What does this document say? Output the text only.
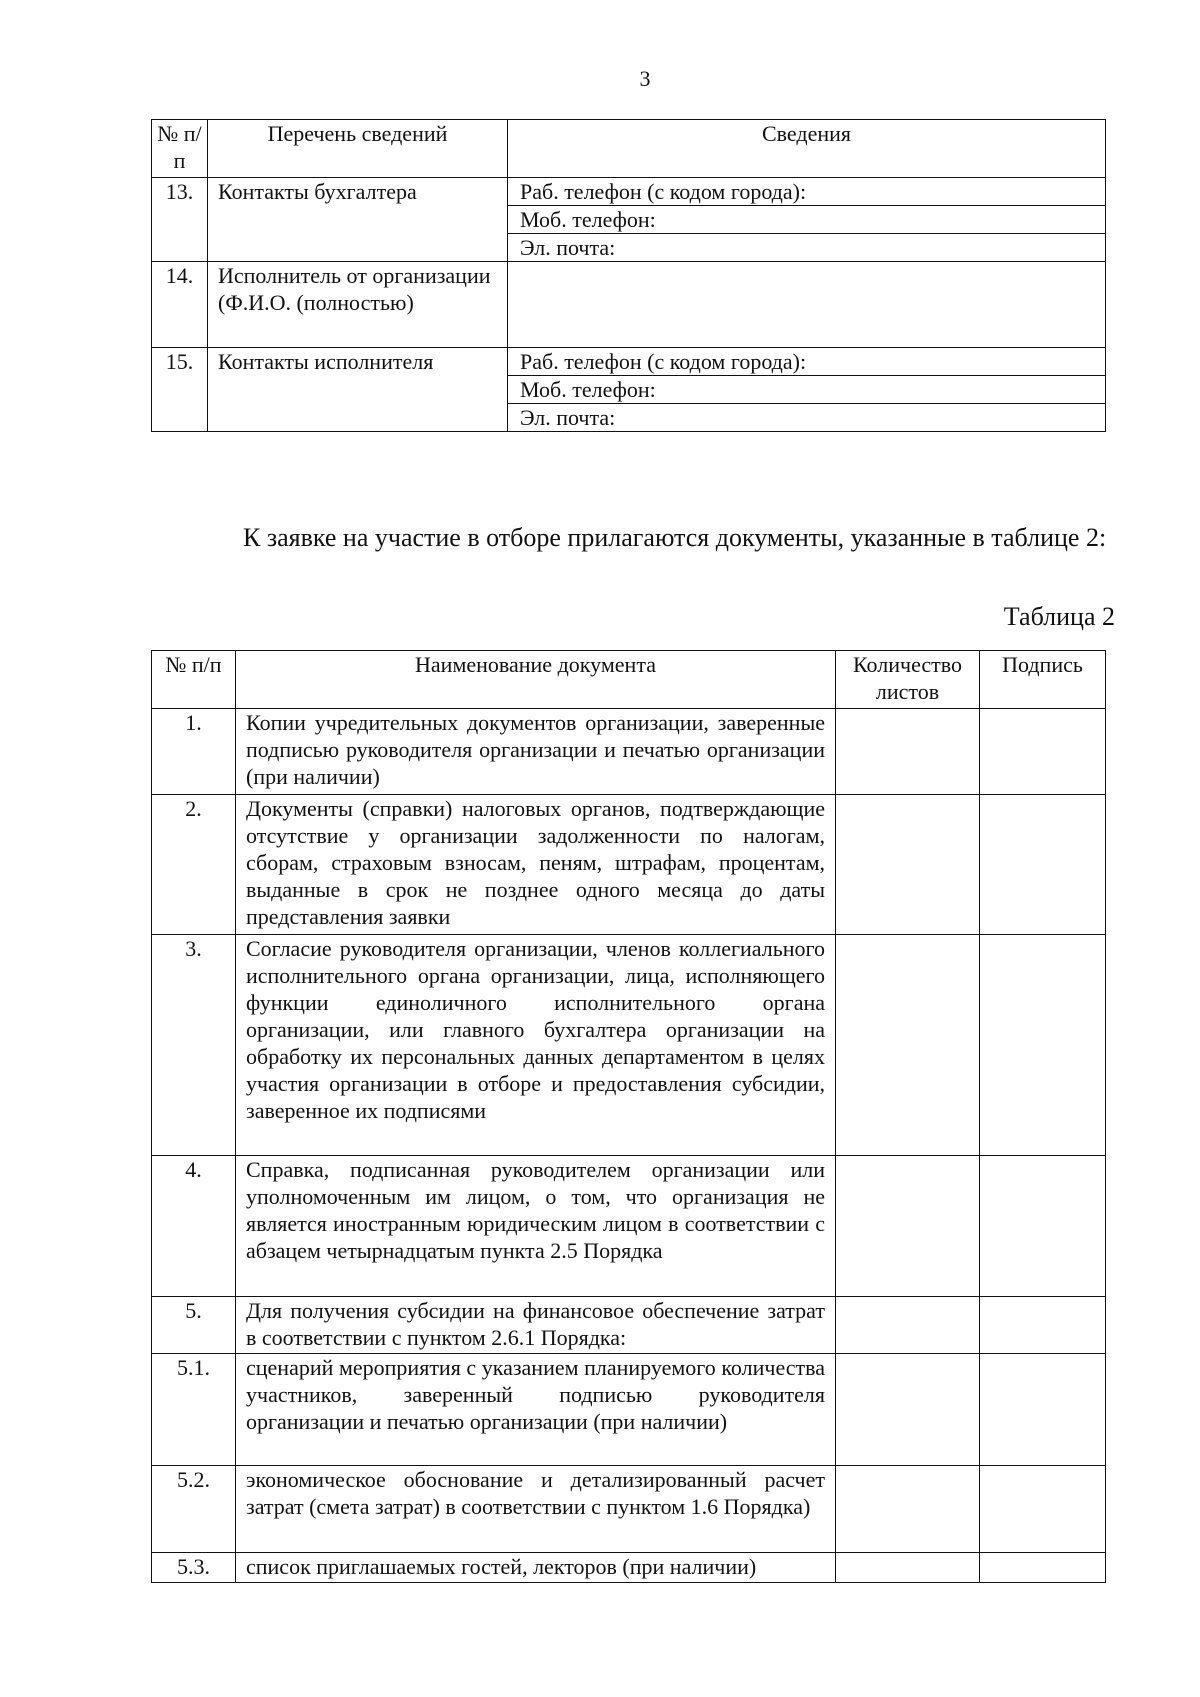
3
№ п/п	Перечень сведений	Сведения
13.	Контакты бухгалтера	Раб. телефон (с кодом города):
		Моб. телефон:
		Эл. почта:
14.	Исполнитель от организации (Ф.И.О. (полностью)	
15.	Контакты исполнителя	Раб. телефон (с кодом города):
		Моб. телефон:
		Эл. почта:

К заявке на участие в отборе прилагаются документы, указанные в таблице 2:

Таблица 2
№ п/п	Наименование документа	Количество листов	Подпись
1.	Копии учредительных документов организации, заверенные подписью руководителя организации и печатью организации (при наличии)		
2.	Документы (справки) налоговых органов, подтверждающие отсутствие у организации задолженности по налогам, сборам, страховым взносам, пеням, штрафам, процентам, выданные в срок не позднее одного месяца до даты представления заявки		
3.	Согласие руководителя организации, членов коллегиального исполнительного органа организации, лица, исполняющего функции единоличного исполнительного органа организации, или главного бухгалтера организации на обработку их персональных данных департаментом в целях участия организации в отборе и предоставления субсидии, заверенное их подписями		
4.	Справка, подписанная руководителем организации или уполномоченным им лицом, о том, что организация не является иностранным юридическим лицом в соответствии с абзацем четырнадцатым пункта 2.5 Порядка		
5.	Для получения субсидии на финансовое обеспечение затрат в соответствии с пунктом 2.6.1 Порядка:		
5.1.	сценарий мероприятия с указанием планируемого количества участников, заверенный подписью руководителя организации и печатью организации (при наличии)		
5.2.	экономическое обоснование и детализированный расчет затрат (смета затрат) в соответствии с пунктом 1.6 Порядка)		
5.3.	список приглашаемых гостей, лекторов (при наличии)		
